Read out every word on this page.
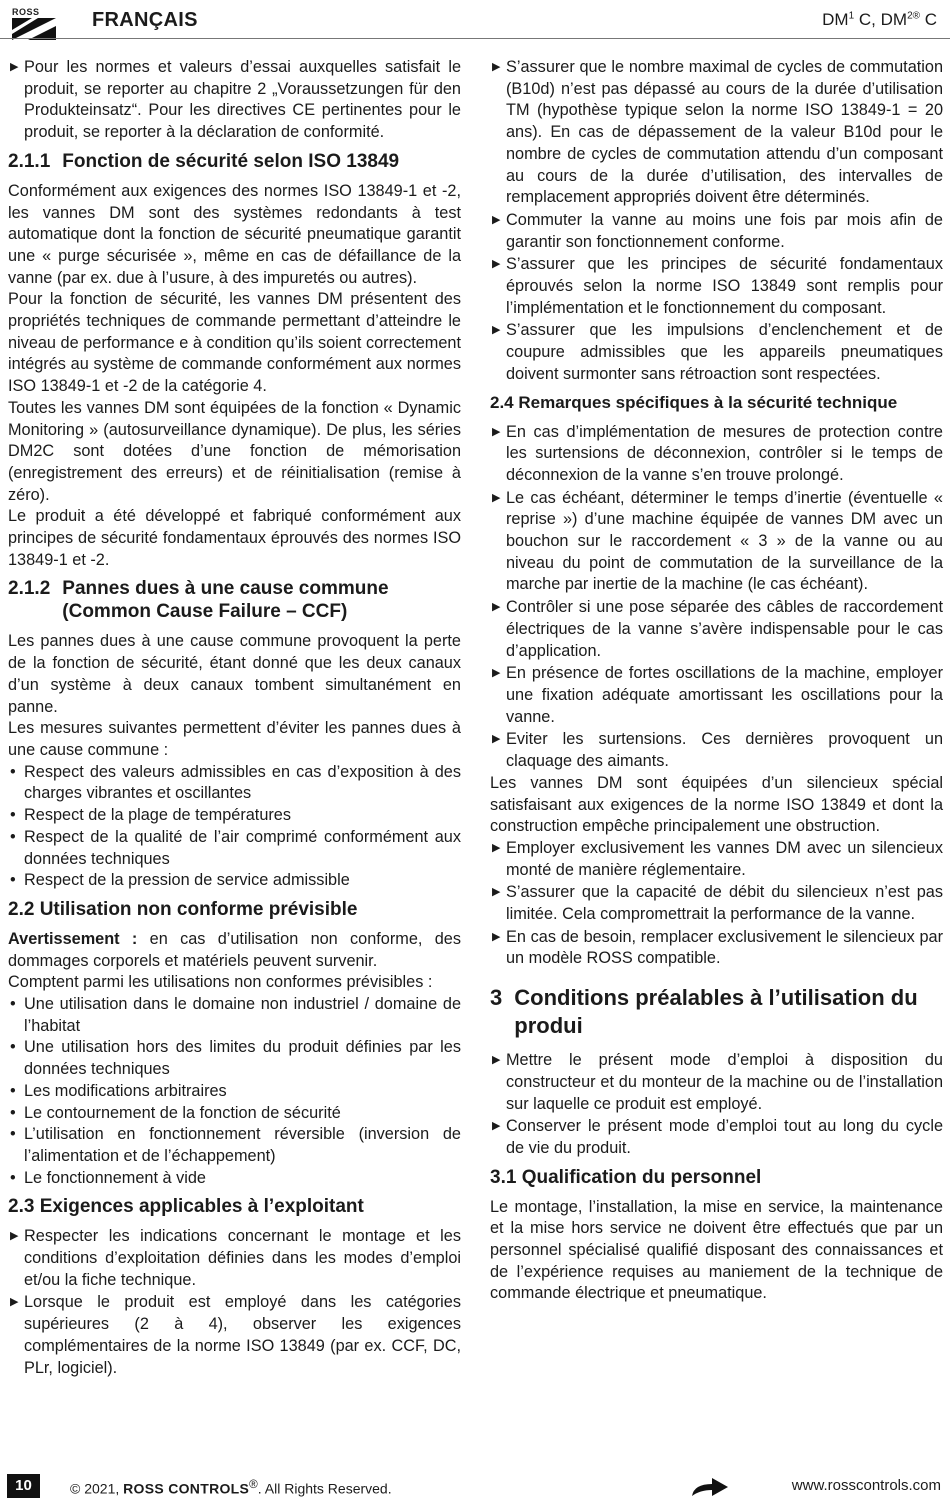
ROSS	FRANÇAIS	$DM^1$ C, $DM^{2®}$ C
▶ Pour les normes et valeurs d’essai auxquelles satisfait le produit, se reporter au chapitre 2 „Voraussetzungen für den Produkteinsatz“. Pour les directives CE pertinentes pour le produit, se reporter à la déclaration de conformité.
2.1.1 Fonction de sécurité selon ISO 13849

Conformément aux exigences des normes ISO 13849-1 et -2, les vannes DM sont des systèmes redondants à test automatique dont la fonction de sécurité pneumatique garantit une « purge sécurisée », même en cas de défaillance de la vanne (par ex. due à l’usure, à des impuretés ou autres).

Pour la fonction de sécurité, les vannes DM présentent des propriétés techniques de commande permettant d’atteindre le niveau de performance e à condition qu’ils soient correctement intégrés au système de commande conformément aux normes ISO 13849-1 et -2 de la catégorie 4.

Toutes les vannes DM sont équipées de la fonction « Dynamic Monitoring » (autosurveillance dynamique). De plus, les séries DM2C sont dotées d’une fonction de mémorisation (enregistrement des erreurs) et de réinitialisation (remise à zéro).

Le produit a été développé et fabriqué conformément aux principes de sécurité fondamentaux éprouvés des normes ISO 13849-1 et -2.

2.1.2 Pannes dues à une cause commune (Common Cause Failure – CCF)

Les pannes dues à une cause commune provoquent la perte de la fonction de sécurité, étant donné que les deux canaux d’un système à deux canaux tombent simultanément en panne.

Les mesures suivantes permettent d’éviter les pannes dues à une cause commune :

• Respect des valeurs admissibles en cas d’exposition à des charges vibrantes et oscillantes
• Respect de la plage de températures
• Respect de la qualité de l’air comprimé conformément aux données techniques
• Respect de la pression de service admissible
2.2 Utilisation non conforme prévisible

Avertissement : en cas d’utilisation non conforme, des dommages corporels et matériels peuvent survenir.

Comptent parmi les utilisations non conformes prévisibles :

• Une utilisation dans le domaine non industriel / domaine de l’habitat
• Une utilisation hors des limites du produit définies par les données techniques
• Les modifications arbitraires
• Le contournement de la fonction de sécurité
• L’utilisation en fonctionnement réversible (inversion de l’alimentation et de l’échappement)
• Le fonctionnement à vide
2.3 Exigences applicables à l’exploitant
▶ Respecter les indications concernant le montage et les conditions d’exploitation définies dans les modes d’emploi et/ou la fiche technique.
▶ Lorsque le produit est employé dans les catégories supérieures (2 à 4), observer les exigences complémentaires de la norme ISO 13849 (par ex. CCF, DC, PLr, logiciel).
▶ S’assurer que le nombre maximal de cycles de commutation (B10d) n’est pas dépassé au cours de la durée d’utilisation TM (hypothèse typique selon la norme ISO 13849-1 = 20 ans). En cas de dépassement de la valeur B10d pour le nombre de cycles de commutation attendu d’un composant au cours de la durée d’utilisation, des intervalles de remplacement appropriés doivent être déterminés.
▶ Commuter la vanne au moins une fois par mois afin de garantir son fonctionnement conforme.
▶ S’assurer que les principes de sécurité fondamentaux éprouvés selon la norme ISO 13849 sont remplis pour l’implémentation et le fonctionnement du composant.
▶ S’assurer que les impulsions d’enclenchement et de coupure admissibles que les appareils pneumatiques doivent surmonter sans rétroaction sont respectées.
2.4 Remarques spécifiques à la sécurité technique
▶ En cas d’implémentation de mesures de protection contre les surtensions de déconnexion, contrôler si le temps de déconnexion de la vanne s’en trouve prolongé.
▶ Le cas échéant, déterminer le temps d’inertie (éventuelle « reprise ») d’une machine équipée de vannes DM avec un bouchon sur le raccordement « 3 » de la vanne ou au niveau du point de commutation de la surveillance de la marche par inertie de la machine (le cas échéant).
▶ Contrôler si une pose séparée des câbles de raccordement électriques de la vanne s’avère indispensable pour le cas d’application.
▶ En présence de fortes oscillations de la machine, employer une fixation adéquate amortissant les oscillations pour la vanne.
▶ Eviter les surtensions. Ces dernières provoquent un claquage des aimants.

Les vannes DM sont équipées d’un silencieux spécial satisfaisant aux exigences de la norme ISO 13849 et dont la construction empêche principalement une obstruction.

▶ Employer exclusivement les vannes DM avec un silencieux monté de manière réglementaire.
▶ S’assurer que la capacité de débit du silencieux n’est pas limitée. Cela compromettrait la performance de la vanne.
▶ En cas de besoin, remplacer exclusivement le silencieux par un modèle ROSS compatible.
3 Conditions préalables à l’utilisation du produi
▶ Mettre le présent mode d’emploi à disposition du constructeur et du monteur de la machine ou de l’installation sur laquelle ce produit est employé.
▶ Conserver le présent mode d’emploi tout au long du cycle de vie du produit.
3.1 Qualification du personnel

Le montage, l’installation, la mise en service, la maintenance et la mise hors service ne doivent être effectués que par un personnel spécialisé qualifié disposant des connaissances et de l’expérience requises au maniement de la technique de commande électrique et pneumatique.

10	© 2021, ROSS CONTROLS®. All Rights Reserved.	www.rosscontrols.com
